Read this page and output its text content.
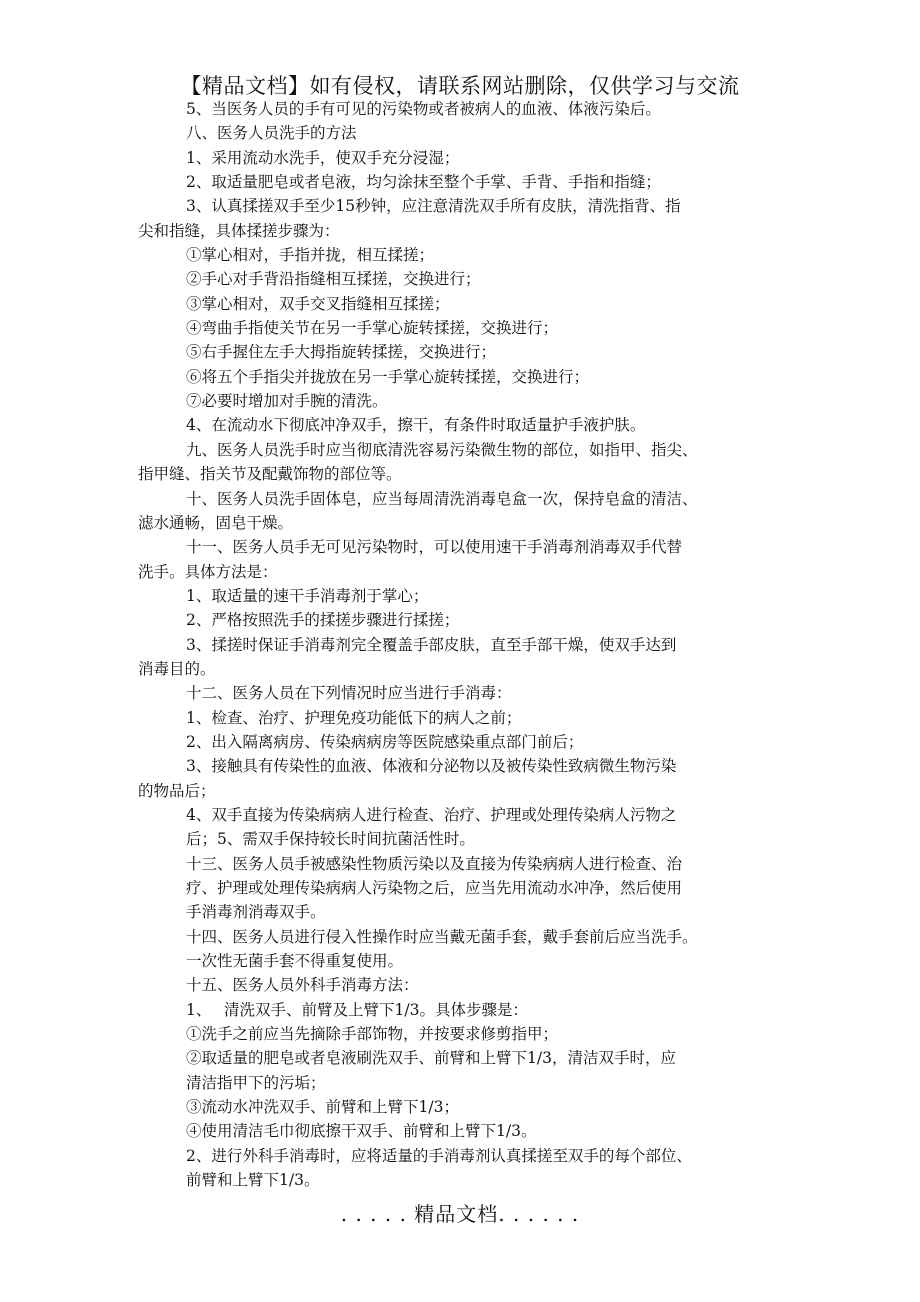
【精品文档】如有侵权，请联系网站删除，仅供学习与交流
5、当医务人员的手有可见的污染物或者被病人的血液、体液污染后。
八、医务人员洗手的方法
1、采用流动水洗手，使双手充分浸湿；
2、取适量肥皂或者皂液，均匀涂抹至整个手掌、手背、手指和指缝；
3、认真揉搓双手至少15秒钟，应注意清洗双手所有皮肤，清洗指背、指
尖和指缝，具体揉搓步骤为：
①掌心相对，手指并拢，相互揉搓；
②手心对手背沿指缝相互揉搓，交换进行；
③掌心相对，双手交叉指缝相互揉搓；
④弯曲手指使关节在另一手掌心旋转揉搓，交换进行；
⑤右手握住左手大拇指旋转揉搓，交换进行；
⑥将五个手指尖并拢放在另一手掌心旋转揉搓，交换进行；
⑦必要时增加对手腕的清洗。
4、在流动水下彻底冲净双手，擦干，有条件时取适量护手液护肤。
九、医务人员洗手时应当彻底清洗容易污染微生物的部位，如指甲、指尖、
指甲缝、指关节及配戴饰物的部位等。
十、医务人员洗手固体皂，应当每周清洗消毒皂盒一次，保持皂盒的清洁、
滤水通畅，固皂干燥。
十一、医务人员手无可见污染物时，可以使用速干手消毒剂消毒双手代替
洗手。具体方法是：
1、取适量的速干手消毒剂于掌心；
2、严格按照洗手的揉搓步骤进行揉搓；
3、揉搓时保证手消毒剂完全覆盖手部皮肤，直至手部干燥，使双手达到
消毒目的。
十二、医务人员在下列情况时应当进行手消毒：
1、检查、治疗、护理免疫功能低下的病人之前；
2、出入隔离病房、传染病病房等医院感染重点部门前后；
3、接触具有传染性的血液、体液和分泌物以及被传染性致病微生物污染
的物品后；
4、双手直接为传染病病人进行检查、治疗、护理或处理传染病人污物之
后；5、需双手保持较长时间抗菌活性时。
十三、医务人员手被感染性物质污染以及直接为传染病病人进行检查、治
疗、护理或处理传染病病人污染物之后，应当先用流动水冲净，然后使用
手消毒剂消毒双手。
十四、医务人员进行侵入性操作时应当戴无菌手套，戴手套前后应当洗手。
一次性无菌手套不得重复使用。
十五、医务人员外科手消毒方法：
1、　 清洗双手、前臂及上臂下1/3。具体步骤是：
①洗手之前应当先摘除手部饰物，并按要求修剪指甲；
②取适量的肥皂或者皂液刷洗双手、前臂和上臂下1/3，清洁双手时，应
清洁指甲下的污垢；
③流动水冲洗双手、前臂和上臂下1/3；
④使用清洁毛巾彻底擦干双手、前臂和上臂下1/3。
2、进行外科手消毒时，应将适量的手消毒剂认真揉搓至双手的每个部位、
前臂和上臂下1/3。
. . . . . 精品文档. . . . . .
